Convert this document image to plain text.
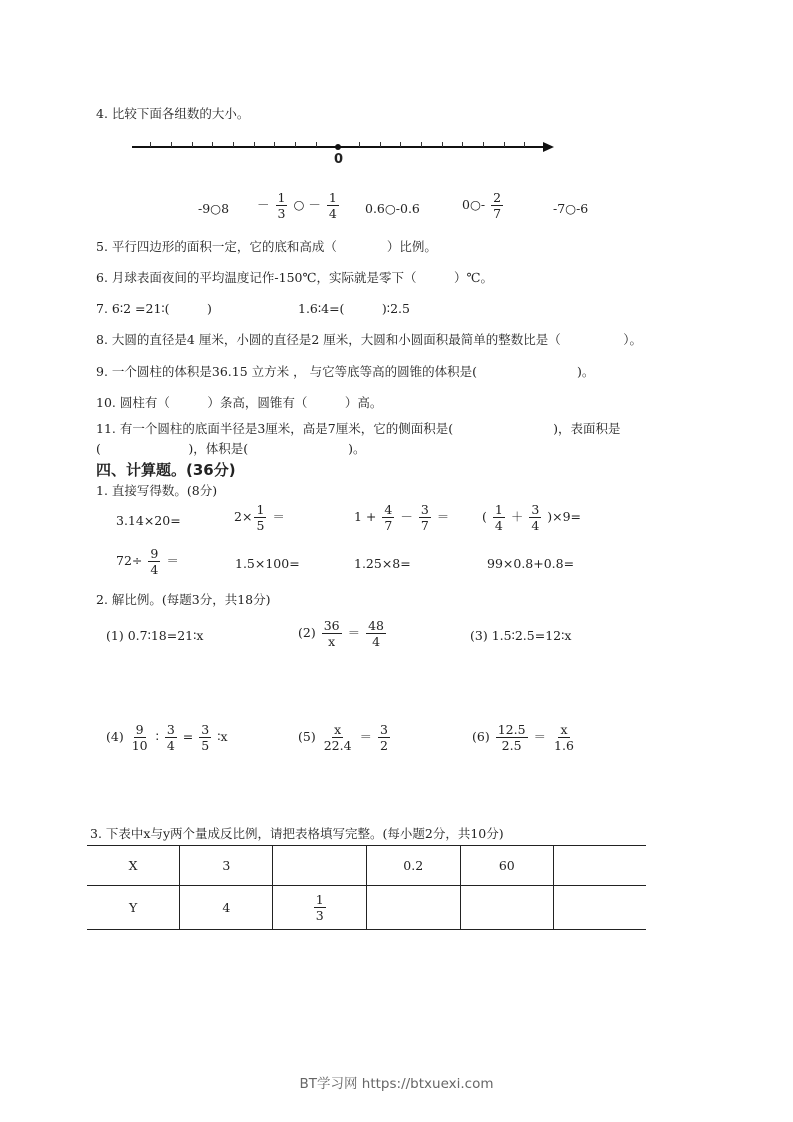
4. 比较下面各组数的大小。
0
-9○8 － $\frac{1}{3}$ ○ － $\frac{1}{4}$ 0.6○-0.6	0○- $\frac{2}{7}$	-7○-6
5. 平行四边形的面积一定，它的底和高成（　　　　）比例。
6. 月球表面夜间的平均温度记作-150℃，实际就是零下（　　　）℃。
7. 6∶2 =21∶(　　　)	1.6∶4=(　　　)∶2.5
8. 大圆的直径是4 厘米，小圆的直径是2 厘米，大圆和小圆面积最简单的整数比是（　　　　　）。
9. 一个圆柱的体积是36.15 立方米 ， 与它等底等高的圆锥的体积是(　　　　　　　　)。
10. 圆柱有（　　　）条高，圆锥有（　　　）高。
11. 有一个圆柱的底面半径是3厘米，高是7厘米，它的侧面积是(　　　　　　　　)，表面积是
(　　　　　　　)，体积是(　　　　　　　　)。
四、计算题。(36分)
1. 直接写得数。(8分)
3.14×20=	$2\times \frac{1}{5}$ ＝	$1 + \frac{4}{7} - \frac{3}{7}$ ＝	( $\frac{1}{4} + \frac{3}{4} )\times 9=$
$72\div \frac{9}{4}$ ＝	1.5×100=	1.25×8=	99×0.8+0.8=
2. 解比例。(每题3分，共18分)
(1) 0.7∶18=21∶x	$(2) \frac{36}{x} = \frac{48}{4}$	(3) 1.5∶2.5=12∶x
$(4) \frac{9}{10}$ ∶ $\frac{3}{4} = \frac{3}{5}$ ∶x	$(5) \frac{x}{22.4} = \frac{3}{2}$	$(6) \frac{12.5}{2.5} = \frac{x}{1.6}$
3. 下表中x与y两个量成反比例，请把表格填写完整。(每小题2分，共10分)
X	3		0.2	60	
Y	4	$\frac{1}{3}$

BT学习网 https://btxuexi.com
